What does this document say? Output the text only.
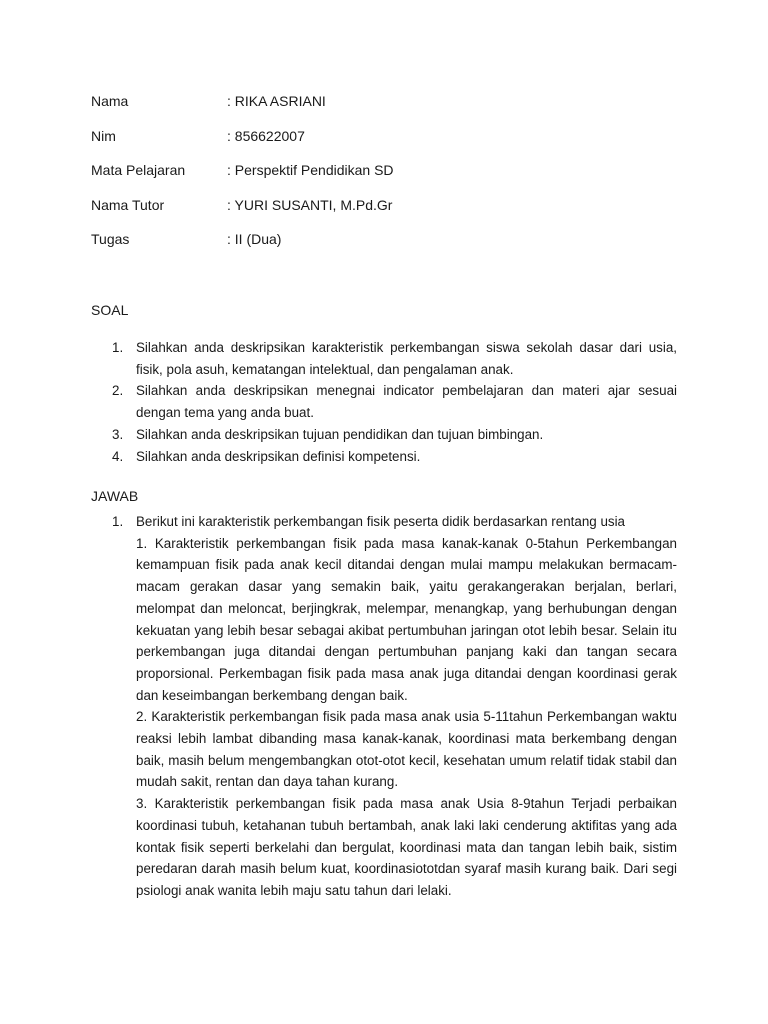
Nama	: RIKA ASRIANI
Nim	: 856622007
Mata Pelajaran	: Perspektif Pendidikan SD
Nama Tutor	: YURI SUSANTI, M.Pd.Gr
Tugas	: II (Dua)
SOAL
1. Silahkan anda deskripsikan karakteristik perkembangan siswa sekolah dasar dari usia, fisik, pola asuh, kematangan intelektual, dan pengalaman anak.
2. Silahkan anda deskripsikan menegnai indicator pembelajaran dan materi ajar sesuai dengan tema yang anda buat.
3. Silahkan anda deskripsikan tujuan pendidikan dan tujuan bimbingan.
4. Silahkan anda deskripsikan definisi kompetensi.
JAWAB
1. Berikut ini karakteristik perkembangan fisik peserta didik berdasarkan rentang usia
1. Karakteristik perkembangan fisik pada masa kanak-kanak 0-5tahun Perkembangan kemampuan fisik pada anak kecil ditandai dengan mulai mampu melakukan bermacam-macam gerakan dasar yang semakin baik, yaitu gerakangerakan berjalan, berlari, melompat dan meloncat, berjingkrak, melempar, menangkap, yang berhubungan dengan kekuatan yang lebih besar sebagai akibat pertumbuhan jaringan otot lebih besar. Selain itu perkembangan juga ditandai dengan pertumbuhan panjang kaki dan tangan secara proporsional. Perkembagan fisik pada masa anak juga ditandai dengan koordinasi gerak dan keseimbangan berkembang dengan baik.
2. Karakteristik perkembangan fisik pada masa anak usia 5-11tahun Perkembangan waktu reaksi lebih lambat dibanding masa kanak-kanak, koordinasi mata berkembang dengan baik, masih belum mengembangkan otot-otot kecil, kesehatan umum relatif tidak stabil dan mudah sakit, rentan dan daya tahan kurang.
3. Karakteristik perkembangan fisik pada masa anak Usia 8-9tahun Terjadi perbaikan koordinasi tubuh, ketahanan tubuh bertambah, anak laki laki cenderung aktifitas yang ada kontak fisik seperti berkelahi dan bergulat, koordinasi mata dan tangan lebih baik, sistim peredaran darah masih belum kuat, koordinasiototdan syaraf masih kurang baik. Dari segi psiologi anak wanita lebih maju satu tahun dari lelaki.
